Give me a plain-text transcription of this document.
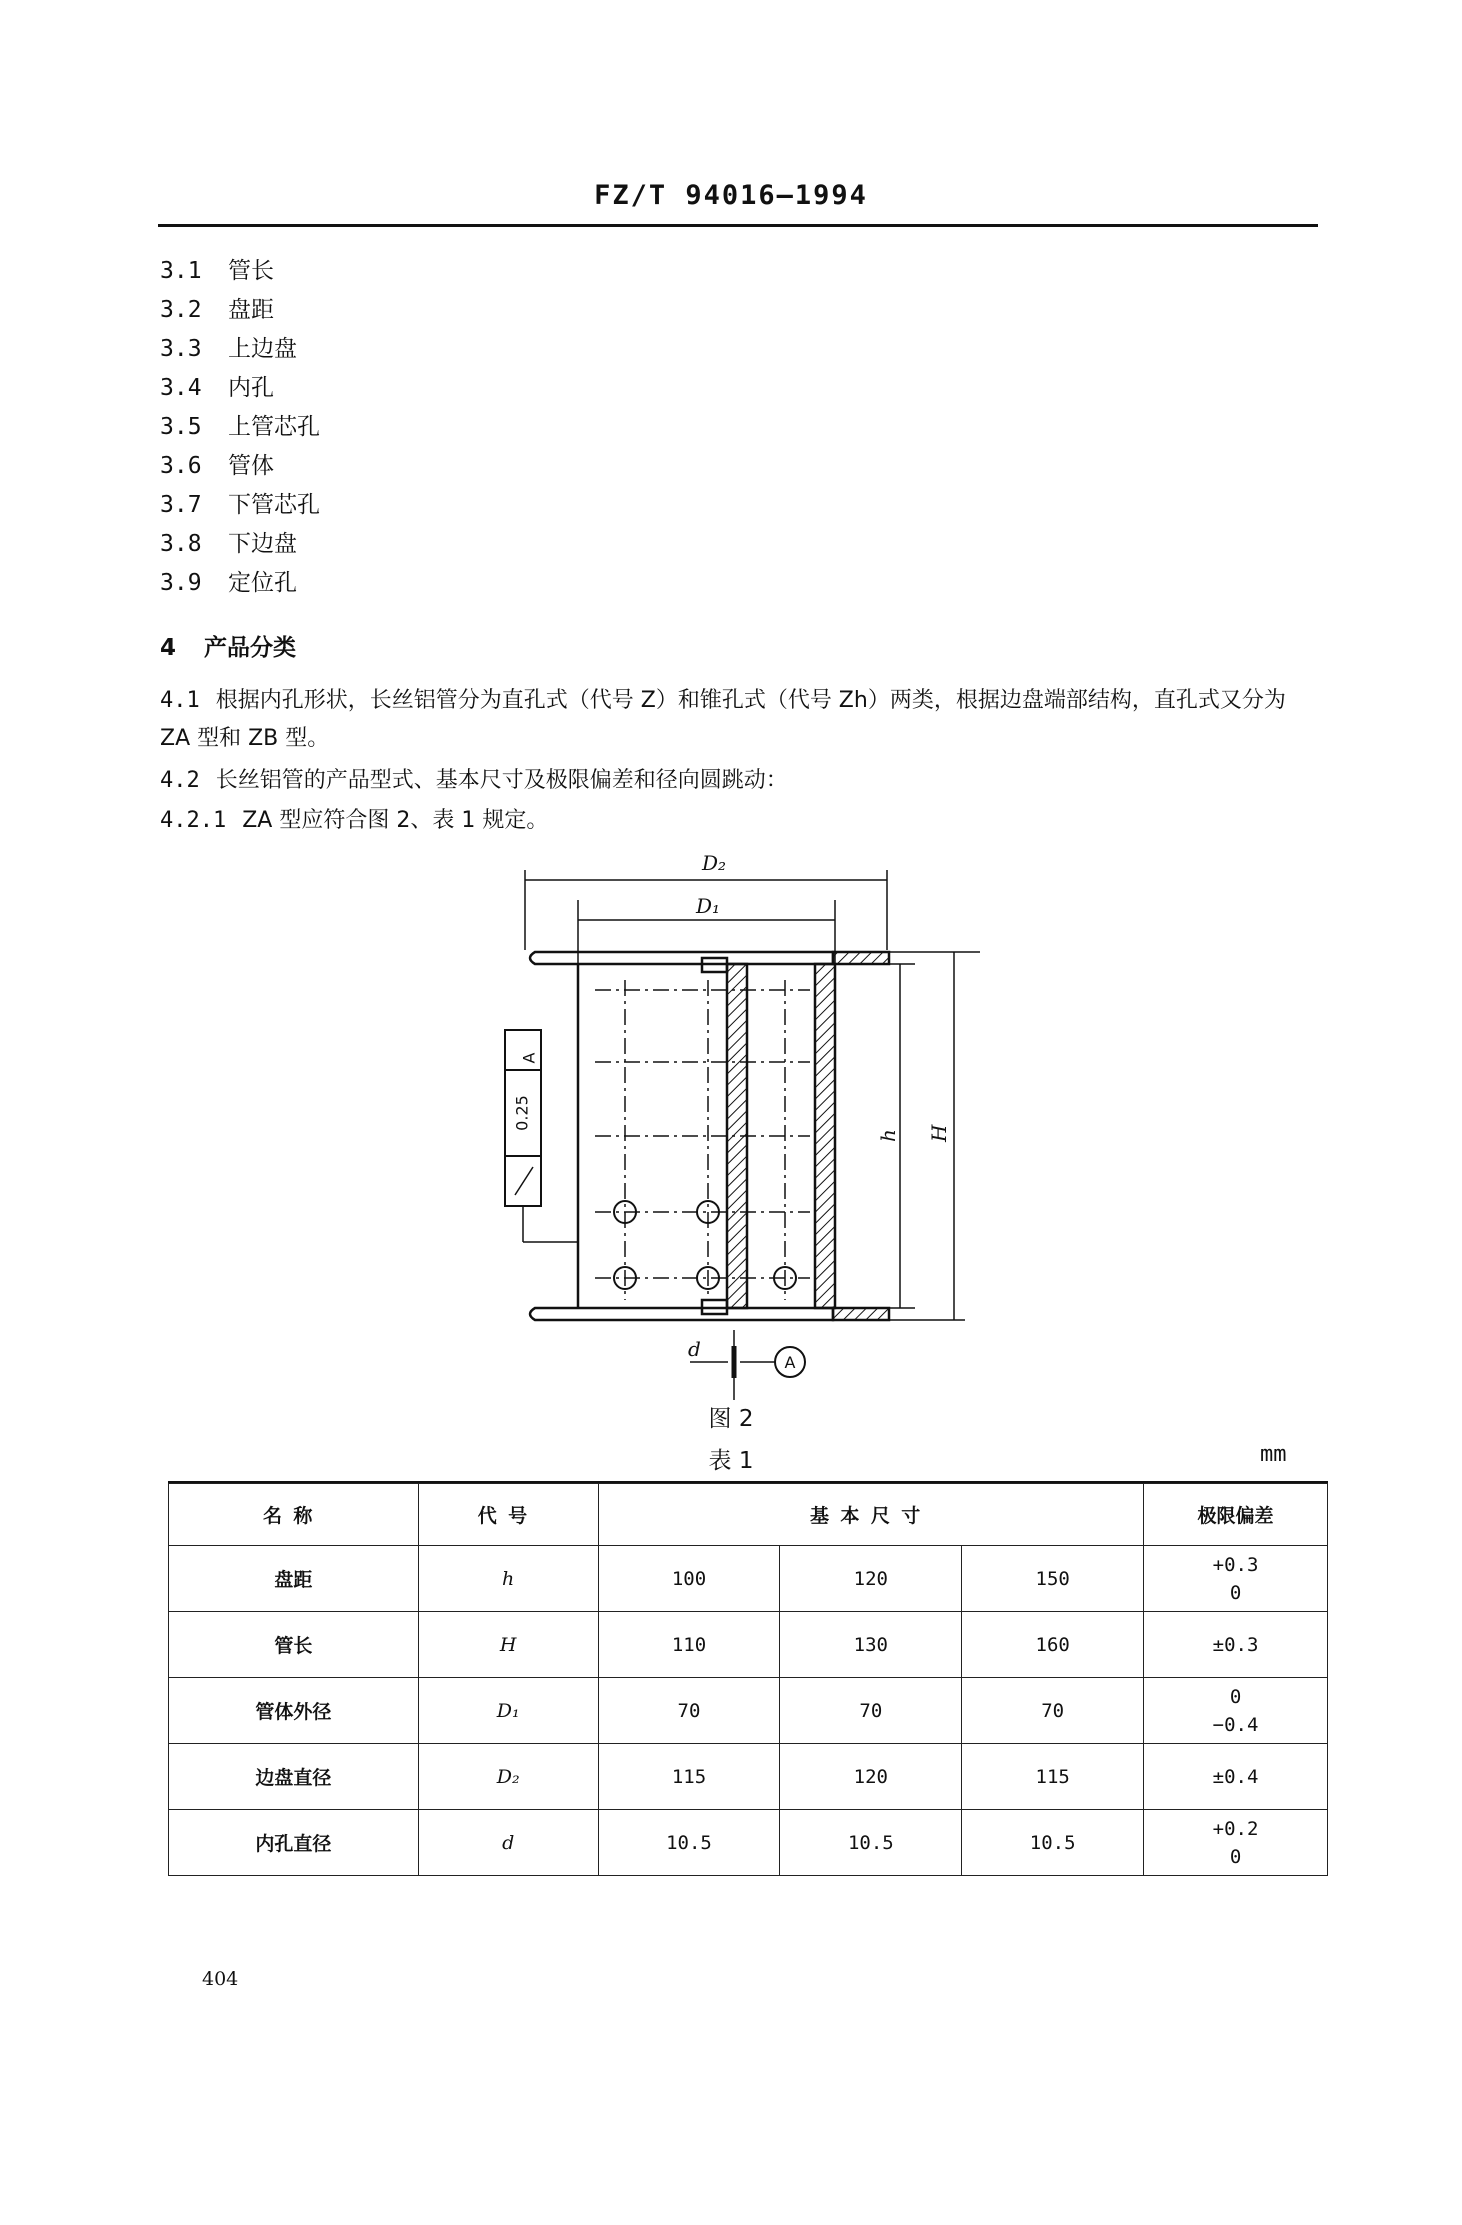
FZ/T 94016—1994
3.1 管长
3.2 盘距
3.3 上边盘
3.4 内孔
3.5 上管芯孔
3.6 管体
3.7 下管芯孔
3.8 下边盘
3.9 定位孔
4 产品分类
4.1 根据内孔形状，长丝铝管分为直孔式（代号 Z）和锥孔式（代号 Zh）两类，根据边盘端部结构，直孔式又分为 ZA 型和 ZB 型。
4.2 长丝铝管的产品型式、基本尺寸及极限偏差和径向圆跳动：
4.2.1 ZA 型应符合图 2、表 1 规定。
D₂
D₁
h H
d
A
0.25
A
图 2
表 1	mm
名称	代号	基本尺寸			极限偏差
盘距	h	100	120	150	+0.3
0

管长	H	110	130	160	±0.3
管体外径	D₁	70	70	70	0
−0.4

边盘直径	D₂	115	120	115	±0.4
内孔直径	d	10.5	10.5	10.5	+0.2
0
404
